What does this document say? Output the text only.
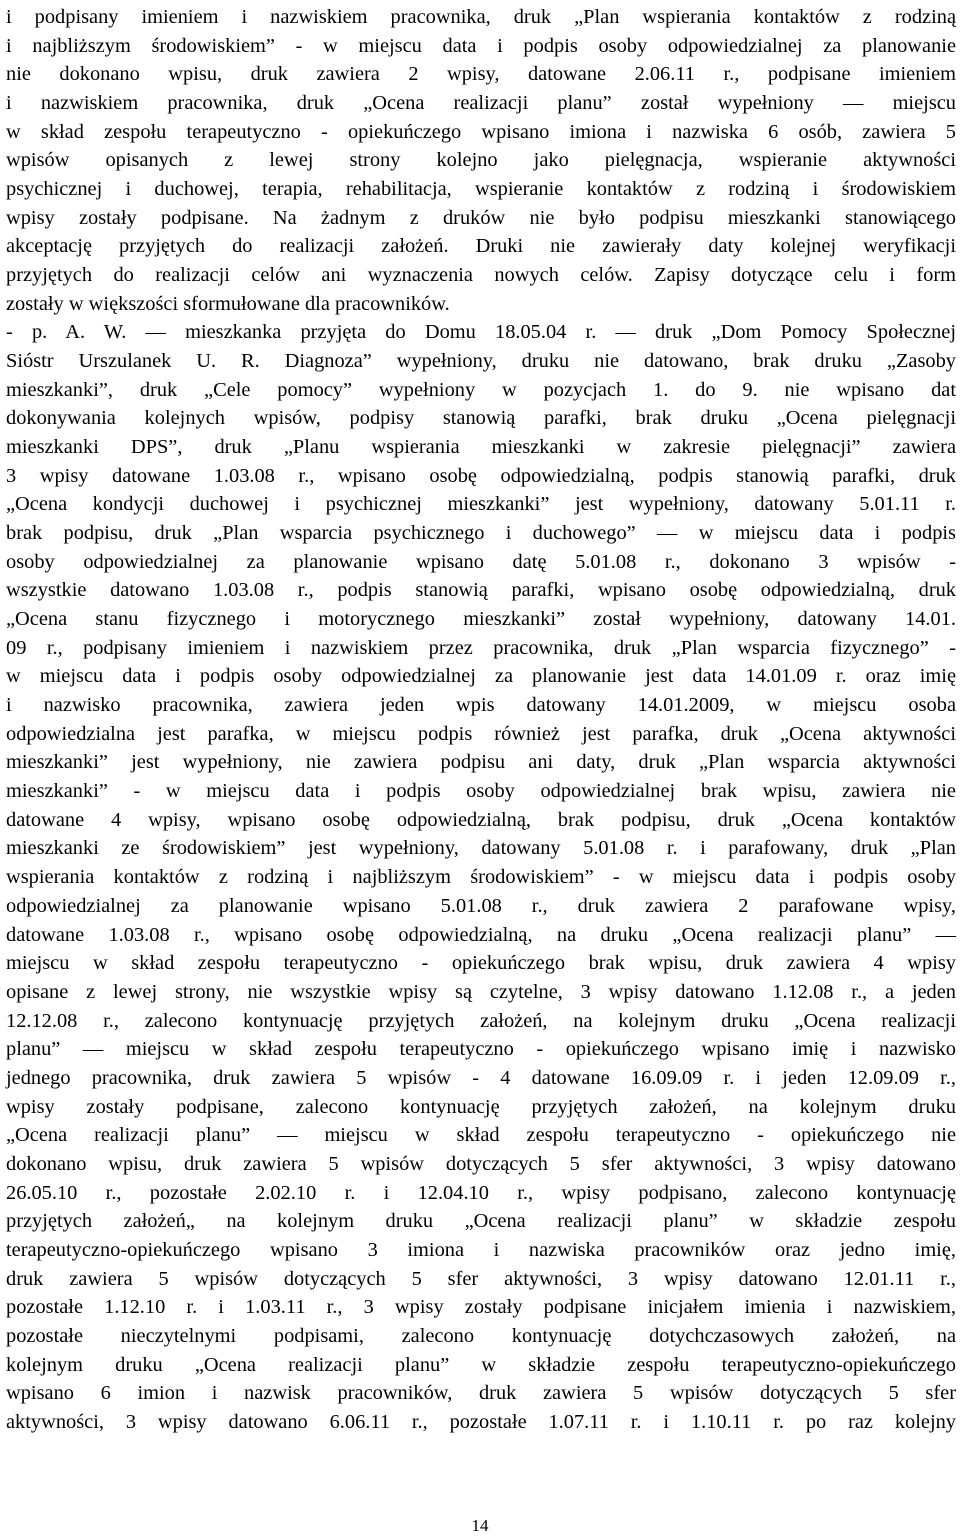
i podpisany imieniem i nazwiskiem pracownika, druk „Plan wspierania kontaktów z rodziną
i najbliższym środowiskiem” - w miejscu data i podpis osoby odpowiedzialnej za planowanie
nie dokonano wpisu, druk zawiera 2 wpisy, datowane 2.06.11 r., podpisane imieniem
i nazwiskiem pracownika, druk „Ocena realizacji planu” został wypełniony — miejscu
w skład zespołu terapeutyczno - opiekuńczego wpisano imiona i nazwiska 6 osób, zawiera 5
wpisów opisanych z lewej strony kolejno jako pielęgnacja, wspieranie aktywności
psychicznej i duchowej, terapia, rehabilitacja, wspieranie kontaktów z rodziną i środowiskiem
wpisy zostały podpisane. Na żadnym z druków nie było podpisu mieszkanki stanowiącego
akceptację przyjętych do realizacji założeń. Druki nie zawierały daty kolejnej weryfikacji
przyjętych do realizacji celów ani wyznaczenia nowych celów. Zapisy dotyczące celu i form
zostały w większości sformułowane dla pracowników.
- p. A. W. — mieszkanka przyjęta do Domu 18.05.04 r. — druk „Dom Pomocy Społecznej
Sióstr Urszulanek U. R. Diagnoza” wypełniony, druku nie datowano, brak druku „Zasoby
mieszkanki”, druk „Cele pomocy” wypełniony w pozycjach 1. do 9. nie wpisano dat
dokonywania kolejnych wpisów, podpisy stanowią parafki, brak druku „Ocena pielęgnacji
mieszkanki DPS”, druk „Planu wspierania mieszkanki w zakresie pielęgnacji” zawiera
3 wpisy datowane 1.03.08 r., wpisano osobę odpowiedzialną, podpis stanowią parafki, druk
„Ocena kondycji duchowej i psychicznej mieszkanki” jest wypełniony, datowany 5.01.11 r.
brak podpisu, druk „Plan wsparcia psychicznego i duchowego” — w miejscu data i podpis
osoby odpowiedzialnej za planowanie wpisano datę 5.01.08 r., dokonano 3 wpisów -
wszystkie datowano 1.03.08 r., podpis stanowią parafki, wpisano osobę odpowiedzialną, druk
„Ocena stanu fizycznego i motorycznego mieszkanki” został wypełniony, datowany 14.01.
09 r., podpisany imieniem i nazwiskiem przez pracownika, druk „Plan wsparcia fizycznego” -
w miejscu data i podpis osoby odpowiedzialnej za planowanie jest data 14.01.09 r. oraz imię
i nazwisko pracownika, zawiera jeden wpis datowany 14.01.2009, w miejscu osoba
odpowiedzialna jest parafka, w miejscu podpis również jest parafka, druk „Ocena aktywności
mieszkanki” jest wypełniony, nie zawiera podpisu ani daty, druk „Plan wsparcia aktywności
mieszkanki” - w miejscu data i podpis osoby odpowiedzialnej brak wpisu, zawiera nie
datowane 4 wpisy, wpisano osobę odpowiedzialną, brak podpisu, druk „Ocena kontaktów
mieszkanki ze środowiskiem” jest wypełniony, datowany 5.01.08 r. i parafowany, druk „Plan
wspierania kontaktów z rodziną i najbliższym środowiskiem” - w miejscu data i podpis osoby
odpowiedzialnej za planowanie wpisano 5.01.08 r., druk zawiera 2 parafowane wpisy,
datowane 1.03.08 r., wpisano osobę odpowiedzialną, na druku „Ocena realizacji planu” —
miejscu w skład zespołu terapeutyczno - opiekuńczego brak wpisu, druk zawiera 4 wpisy
opisane z lewej strony, nie wszystkie wpisy są czytelne, 3 wpisy datowano 1.12.08 r., a jeden
12.12.08 r., zalecono kontynuację przyjętych założeń, na kolejnym druku „Ocena realizacji
planu” — miejscu w skład zespołu terapeutyczno - opiekuńczego wpisano imię i nazwisko
jednego pracownika, druk zawiera 5 wpisów - 4 datowane 16.09.09 r. i jeden 12.09.09 r.,
wpisy zostały podpisane, zalecono kontynuację przyjętych założeń, na kolejnym druku
„Ocena realizacji planu” — miejscu w skład zespołu terapeutyczno - opiekuńczego nie
dokonano wpisu, druk zawiera 5 wpisów dotyczących 5 sfer aktywności, 3 wpisy datowano
26.05.10 r., pozostałe 2.02.10 r. i 12.04.10 r., wpisy podpisano, zalecono kontynuację
przyjętych założeń„ na kolejnym druku „Ocena realizacji planu” w składzie zespołu
terapeutyczno-opiekuńczego wpisano 3 imiona i nazwiska pracowników oraz jedno imię,
druk zawiera 5 wpisów dotyczących 5 sfer aktywności, 3 wpisy datowano 12.01.11 r.,
pozostałe 1.12.10 r. i 1.03.11 r., 3 wpisy zostały podpisane inicjałem imienia i nazwiskiem,
pozostałe nieczytelnymi podpisami, zalecono kontynuację dotychczasowych założeń, na
kolejnym druku „Ocena realizacji planu” w składzie zespołu terapeutyczno-opiekuńczego
wpisano 6 imion i nazwisk pracowników, druk zawiera 5 wpisów dotyczących 5 sfer
aktywności, 3 wpisy datowano 6.06.11 r., pozostałe 1.07.11 r. i 1.10.11 r. po raz kolejny
14
